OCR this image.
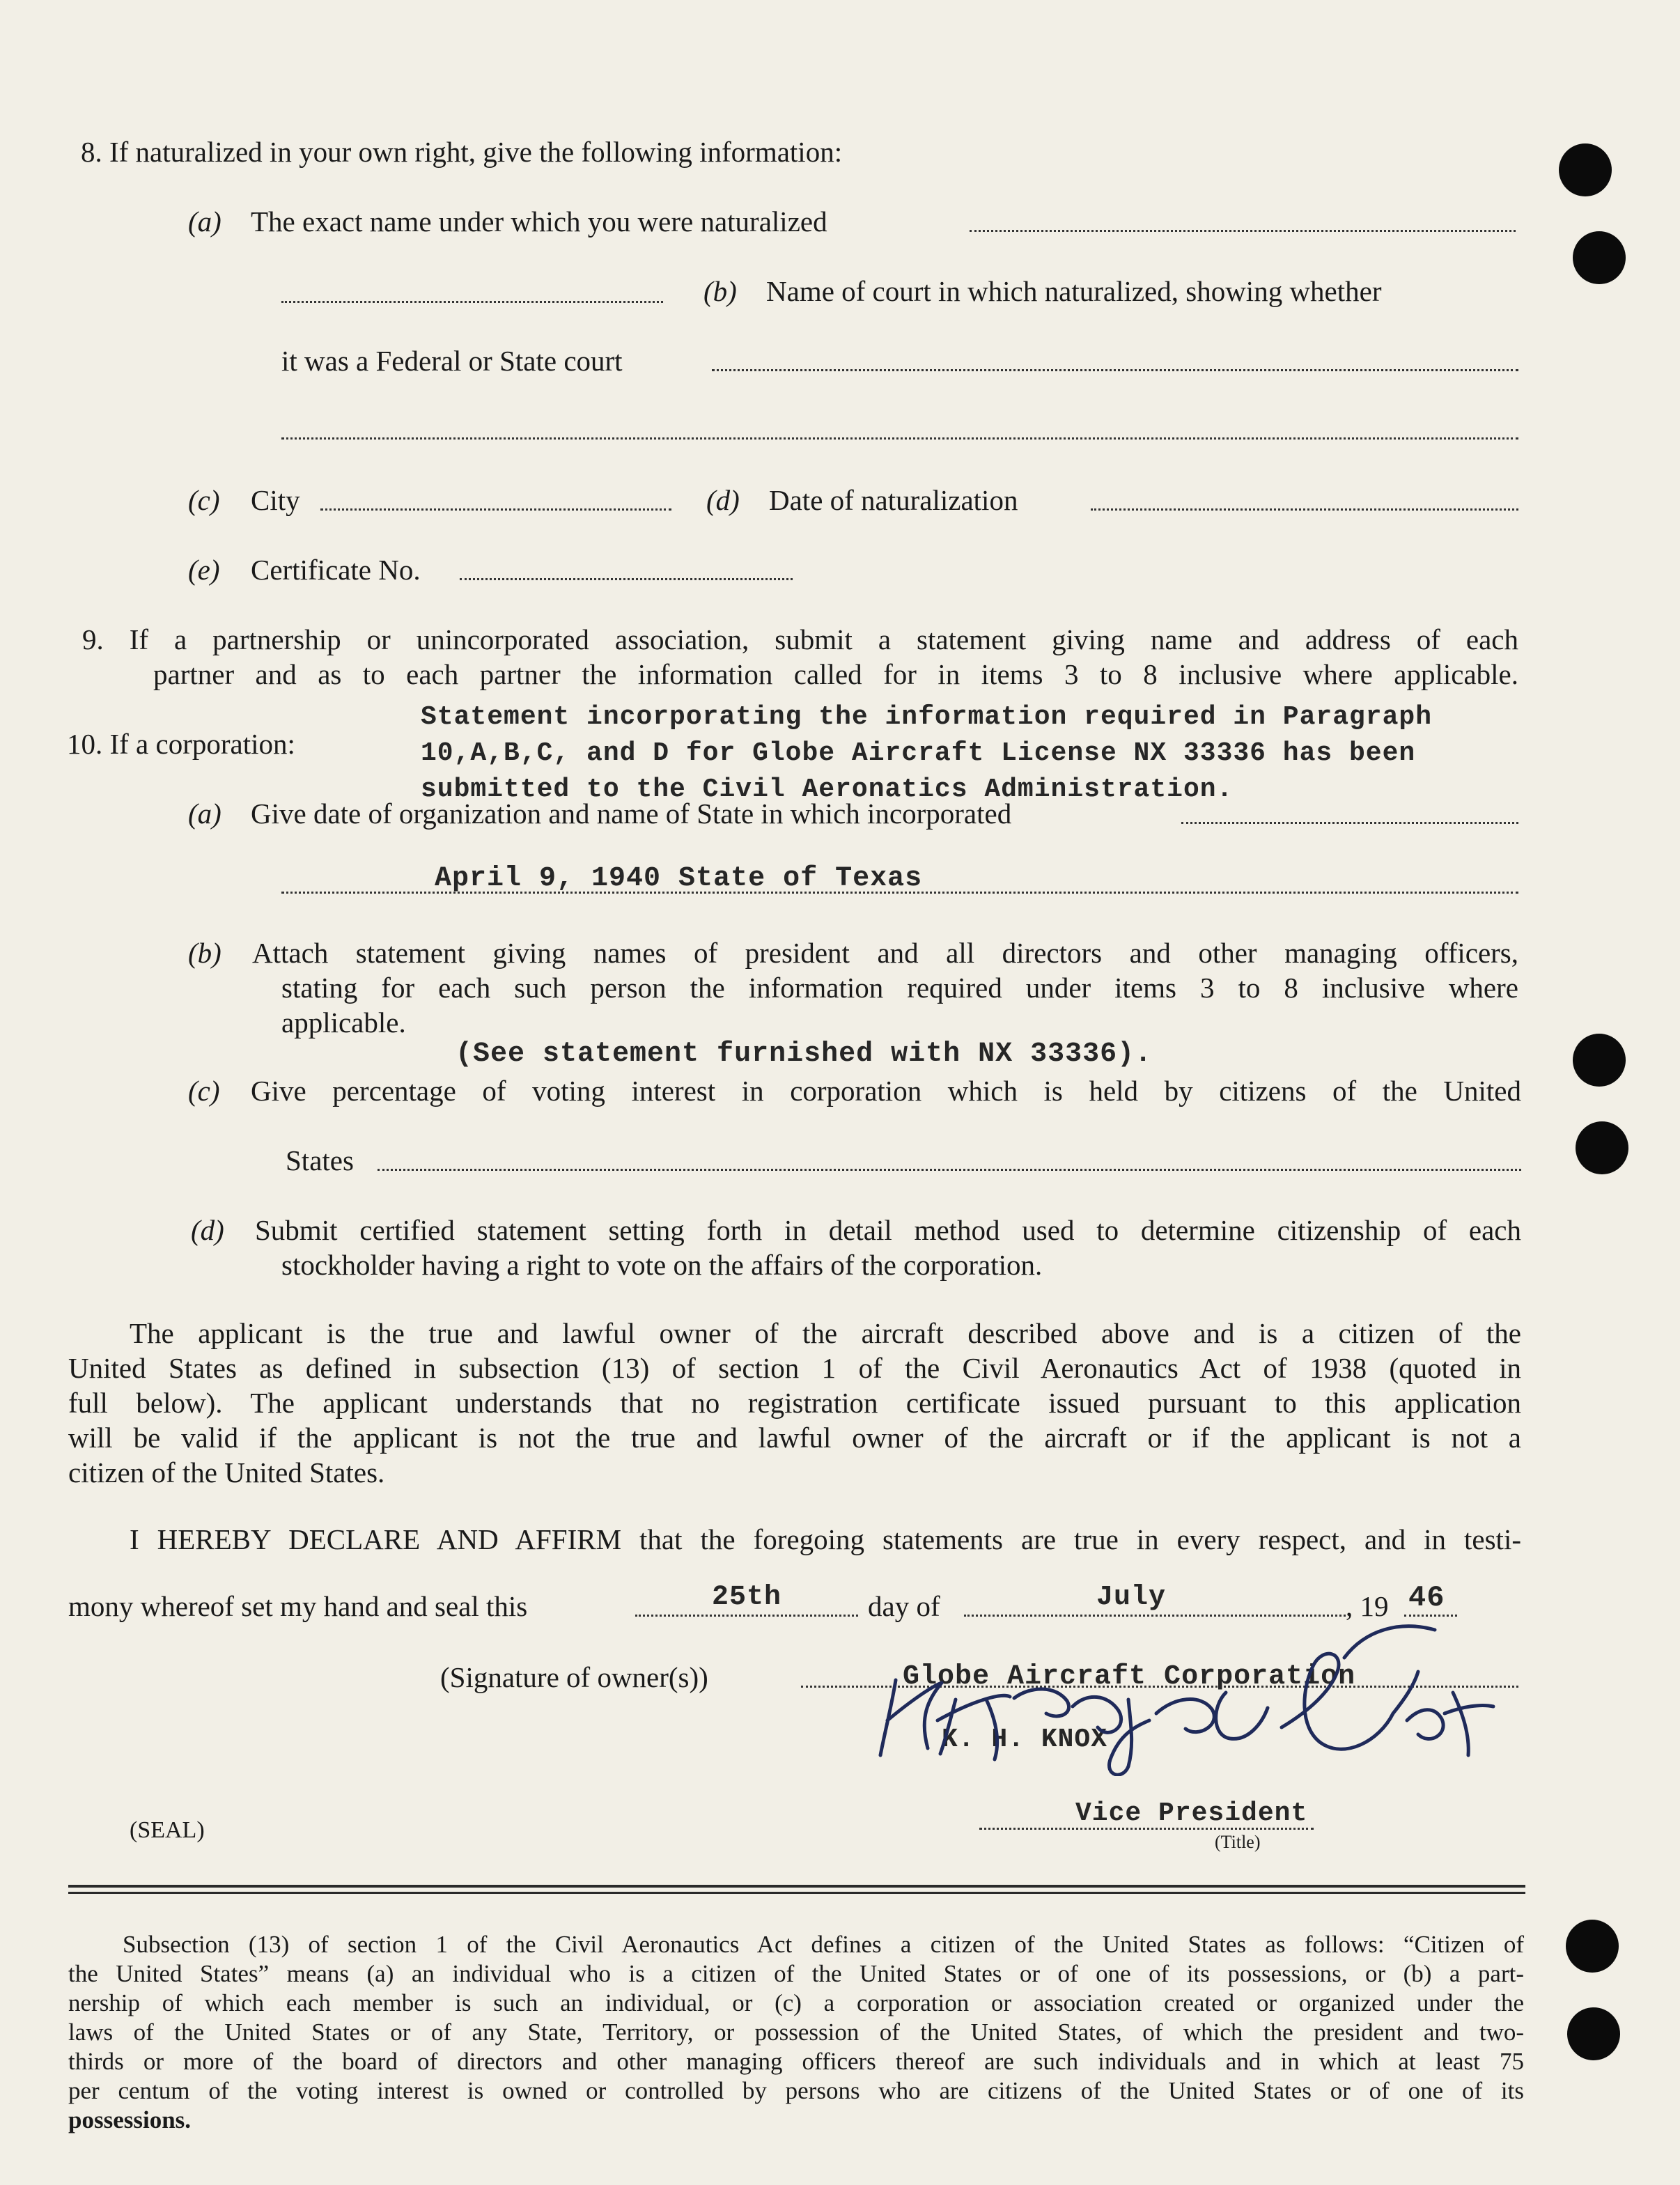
8. If naturalized in your own right, give the following information:
(a) The exact name under which you were naturalized
(b) Name of court in which naturalized, showing whether
it was a Federal or State court
(c) City	(d) Date of naturalization
(e) Certificate No.
9. If a partnership or unincorporated association, submit a statement giving name and address of each
partner and as to each partner the information called for in items 3 to 8 inclusive where applicable.
10. If a corporation:
Statement incorporating the information required in Paragraph
10,A,B,C, and D for Globe Aircraft License NX 33336 has been
submitted to the Civil Aeronatics Administration.
(a) Give date of organization and name of State in which incorporated
April 9, 1940 State of Texas
(b) Attach statement giving names of president and all directors and other managing officers,
stating for each such person the information required under items 3 to 8 inclusive where
applicable.
(See statement furnished with NX 33336).
(c) Give percentage of voting interest in corporation which is held by citizens of the United
States
(d) Submit certified statement setting forth in detail method used to determine citizenship of each
stockholder having a right to vote on the affairs of the corporation.
The applicant is the true and lawful owner of the aircraft described above and is a citizen of the
United States as defined in subsection (13) of section 1 of the Civil Aeronautics Act of 1938 (quoted in
full below). The applicant understands that no registration certificate issued pursuant to this application
will be valid if the applicant is not the true and lawful owner of the aircraft or if the applicant is not a
citizen of the United States.
I HEREBY DECLARE AND AFFIRM that the foregoing statements are true in every respect, and in testi-
mony whereof set my hand and seal this	25th	day of	July	, 19 46
(Signature of owner(s))	Globe Aircraft Corporation
K. H. KNOX
(SEAL)
Vice President
(Title)
Subsection (13) of section 1 of the Civil Aeronautics Act defines a citizen of the United States as follows: “Citizen of
the United States” means (a) an individual who is a citizen of the United States or of one of its possessions, or (b) a part-
nership of which each member is such an individual, or (c) a corporation or association created or organized under the
laws of the United States or of any State, Territory, or possession of the United States, of which the president and two-
thirds or more of the board of directors and other managing officers thereof are such individuals and in which at least 75
per centum of the voting interest is owned or controlled by persons who are citizens of the United States or of one of its
possessions.
